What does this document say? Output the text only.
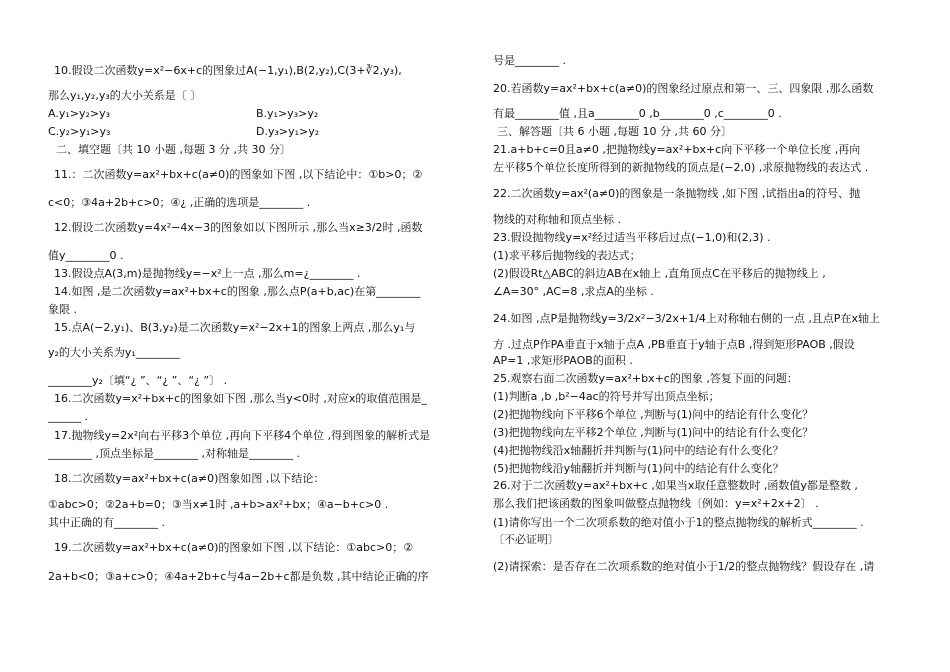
10.假设二次函数y=x²−6x+c的图象过A(−1,y₁),B(2,y₂),C(3+∛2,y₃),
那么y₁,y₂,y₃的大小关系是〔 〕
A.y₁>y₂>y₃	B.y₁>y₃>y₂
C.y₂>y₁>y₃	D.y₃>y₁>y₂
二、填空题〔共 10 小题 ,每题 3 分 ,共 30 分〕
11.：二次函数y=ax²+bx+c(a≠0)的图象如下图 ,以下结论中：①b>0；②
c<0；③4a+2b+c>0；④¿ ,正确的选项是________ .
12.假设二次函数y=4x²−4x−3的图象如以下图所示 ,那么当x≥3/2时 ,函数
值y________0 .
13.假设点A(3,m)是抛物线y=−x²上一点 ,那么m=¿________ .
14.如图 ,是二次函数y=ax²+bx+c的图象 ,那么点P(a+b,ac)在第________
象限 .
15.点A(−2,y₁)、B(3,y₂)是二次函数y=x²−2x+1的图象上两点 ,那么y₁与
y₂的大小关系为y₁________
________y₂〔填“¿ ”、“¿ ”、“¿ ”〕 .
16.二次函数y=x²+bx+c的图象如下图 ,那么当y<0时 ,对应x的取值范围是_
______ .
17.抛物线y=2x²向右平移3个单位 ,再向下平移4个单位 ,得到图象的解析式是
________ ,顶点坐标是________ ,对称轴是________ .
18.二次函数y=ax²+bx+c(a≠0)图象如图 ,以下结论：
①abc>0；②2a+b=0；③当x≠1时 ,a+b>ax²+bx；④a−b+c>0 .
其中正确的有________ .
19.二次函数y=ax²+bx+c(a≠0)的图象如下图 ,以下结论：①abc>0；②
2a+b<0；③a+c>0；④4a+2b+c与4a−2b+c都是负数 ,其中结论正确的序
号是________ .
20.若函数y=ax²+bx+c(a≠0)的图象经过原点和第一、三、四象限 ,那么函数
有最________值 ,且a________0 ,b________0 ,c________0 .
三、解答题〔共 6 小题 ,每题 10 分 ,共 60 分〕
21.a+b+c=0且a≠0 ,把抛物线y=ax²+bx+c向下平移一个单位长度 ,再向
左平移5个单位长度所得到的新抛物线的顶点是(−2,0) ,求原抛物线的表达式 .
22.二次函数y=ax²(a≠0)的图象是一条抛物线 ,如下图 ,试指出a的符号、抛
物线的对称轴和顶点坐标 .
23.假设抛物线y=x²经过适当平移后过点(−1,0)和(2,3) .
(1)求平移后抛物线的表达式；
(2)假设Rt△ABC的斜边AB在x轴上 ,直角顶点C在平移后的抛物线上 ,
∠A=30° ,AC=8 ,求点A的坐标 .
24.如图 ,点P是抛物线y=3/2x²−3/2x+1/4上对称轴右侧的一点 ,且点P在x轴上
方 .过点P作PA垂直于x轴于点A ,PB垂直于y轴于点B ,得到矩形PAOB ,假设
AP=1 ,求矩形PAOB的面积 .
25.观察右面二次函数y=ax²+bx+c的图象 ,答复下面的问题：
(1)判断a ,b ,b²−4ac的符号并写出顶点坐标；
(2)把抛物线向下平移6个单位 ,判断与(1)问中的结论有什么变化？
(3)把抛物线向左平移2个单位 ,判断与(1)问中的结论有什么变化？
(4)把抛物线沿x轴翻折并判断与(1)问中的结论有什么变化？
(5)把抛物线沿y轴翻折并判断与(1)问中的结论有什么变化？
26.对于二次函数y=ax²+bx+c ,如果当x取任意整数时 ,函数值y都是整数 ,
那么我们把该函数的图象叫做整点抛物线〔例如：y=x²+2x+2〕 .
(1)请你写出一个二次项系数的绝对值小于1的整点抛物线的解析式________ .
〔不必证明〕
(2)请探索：是否存在二次项系数的绝对值小于1/2的整点抛物线？假设存在 ,请
